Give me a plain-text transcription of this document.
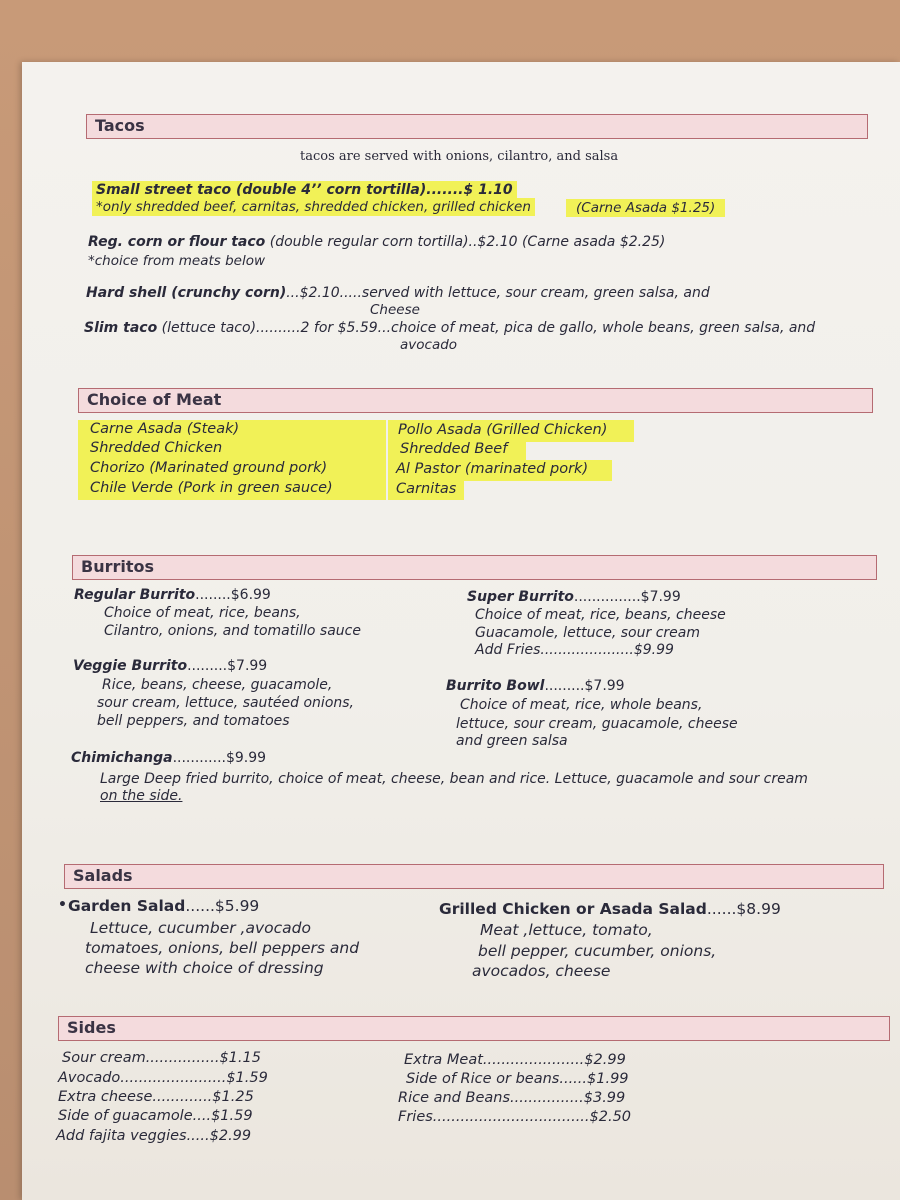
Tacos
tacos are served with onions, cilantro, and salsa
Small street taco (double 4’’ corn tortilla).......$ 1.10
*only shredded beef, carnitas, shredded chicken, grilled chicken	(Carne Asada $1.25)
Reg. corn or flour taco (double regular corn tortilla)..$2.10 (Carne asada $2.25)
*choice from meats below
Hard shell (crunchy corn)...$2.10.....served with lettuce, sour cream, green salsa, and
Cheese
Slim taco (lettuce taco)..........2 for $5.59...choice of meat, pica de gallo, whole beans, green salsa, and
avocado
Choice of Meat
Carne Asada (Steak)
Shredded Chicken
Chorizo (Marinated ground pork)
Chile Verde (Pork in green sauce)
Pollo Asada (Grilled Chicken)
Shredded Beef
Al Pastor (marinated pork)
Carnitas
Burritos
Regular Burrito........$6.99
Choice of meat, rice, beans,
Cilantro, onions, and tomatillo sauce
Super Burrito...............$7.99
Choice of meat, rice, beans, cheese
Guacamole, lettuce, sour cream
Add Fries.....................$9.99
Veggie Burrito.........$7.99
Rice, beans, cheese, guacamole,
sour cream, lettuce, sautéed onions,
bell peppers, and tomatoes
Burrito Bowl.........$7.99
Choice of meat, rice, whole beans,
lettuce, sour cream, guacamole, cheese
and green salsa
Chimichanga............$9.99
Large Deep fried burrito, choice of meat, cheese, bean and rice. Lettuce, guacamole and sour cream
on the side.
Salads
• Garden Salad......$5.99
Lettuce, cucumber ,avocado
tomatoes, onions, bell peppers and
cheese with choice of dressing
Grilled Chicken or Asada Salad......$8.99
Meat ,lettuce, tomato,
bell pepper, cucumber, onions,
avocados, cheese
Sides
Sour cream................$1.15
Avocado.......................$1.59
Extra cheese.............$1.25
Side of guacamole....$1.59
Add fajita veggies.....$2.99
Extra Meat......................$2.99
Side of Rice or beans......$1.99
Rice and Beans................$3.99
Fries..................................$2.50
